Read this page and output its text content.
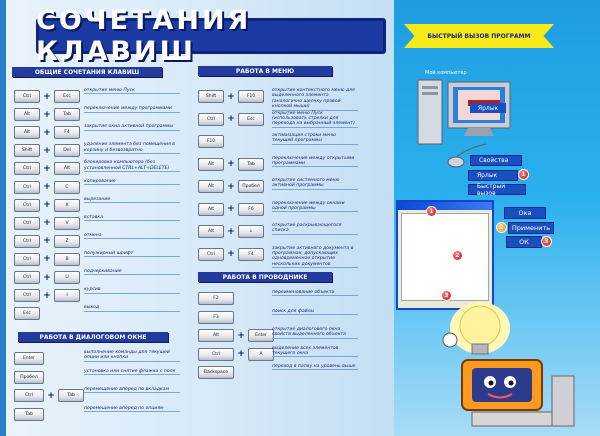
СОЧЕТАНИЯ КЛАВИШ	БЫСТРЫЙ ВЫЗОВ ПРОГРАММ
ОБЩИЕ СОЧЕТАНИЯ КЛАВИШ	РАБОТА В МЕНЮ
РАБОТА В ПРОВОДНИКЕ
РАБОТА В ДИАЛОГОВОМ ОКНЕ
Ctrl	+	Esc
открытие меню Пуск
Alt	+	Tab
переключение между программами
Alt	+	F4
закрытие окна активной программы
Shift	+	Del
удаление элемента без помещения в корзину и безвозвратно
Ctrl	+	Alt
блокировка компьютера (без установленной CTRL+ALT+DELETE)
Ctrl	+	C
копирование
Ctrl	+	X
вырезание
Ctrl	+	V
вставка
Ctrl	+	Z
отмена
Ctrl	+	B
полужирный шрифт
Ctrl	+	U
подчеркивание
Ctrl	+	I
курсив
Esc
выход
Shift	+	F10
открытие контекстного меню для выделенного элемента (аналогично щелчку правой кнопкой мыши)
Ctrl	+	Esc
открытие меню Пуск (использовать стрелки для перехода на выбранный элемент)
F10
активизация строки меню текущей программы
Alt	+	Tab
переключение между открытыми программами
Alt	+	Пробел
открытие системного меню активной программы
Alt	+	F6
переключение между окнами одной программы
Alt	+	↓
открытие раскрывающегося списка
Ctrl	+	F4
закрытие активного документа в программах, допускающих одновременное открытие нескольких документов
F2
переименование объекта
F3
поиск для файлы
Alt	+	Enter
открытие диалогового окна свойств выделенного объекта
Ctrl	+	A
выделение всех элементов текущего окна
Backspace
переход в папку на уровень выше
Enter
выполнение команды для текущей опции или кнопки
Пробел
установка или снятие флажка с поля
Ctrl	+	Tab
перемещение вперед по вкладкам
Tab
перемещение вперед по опциям
Мой компьютер
Ярлык
Свойства
Ярлык
Быстрый вызов
1
1
2
3
Ока
Применить
ОК
2
3
